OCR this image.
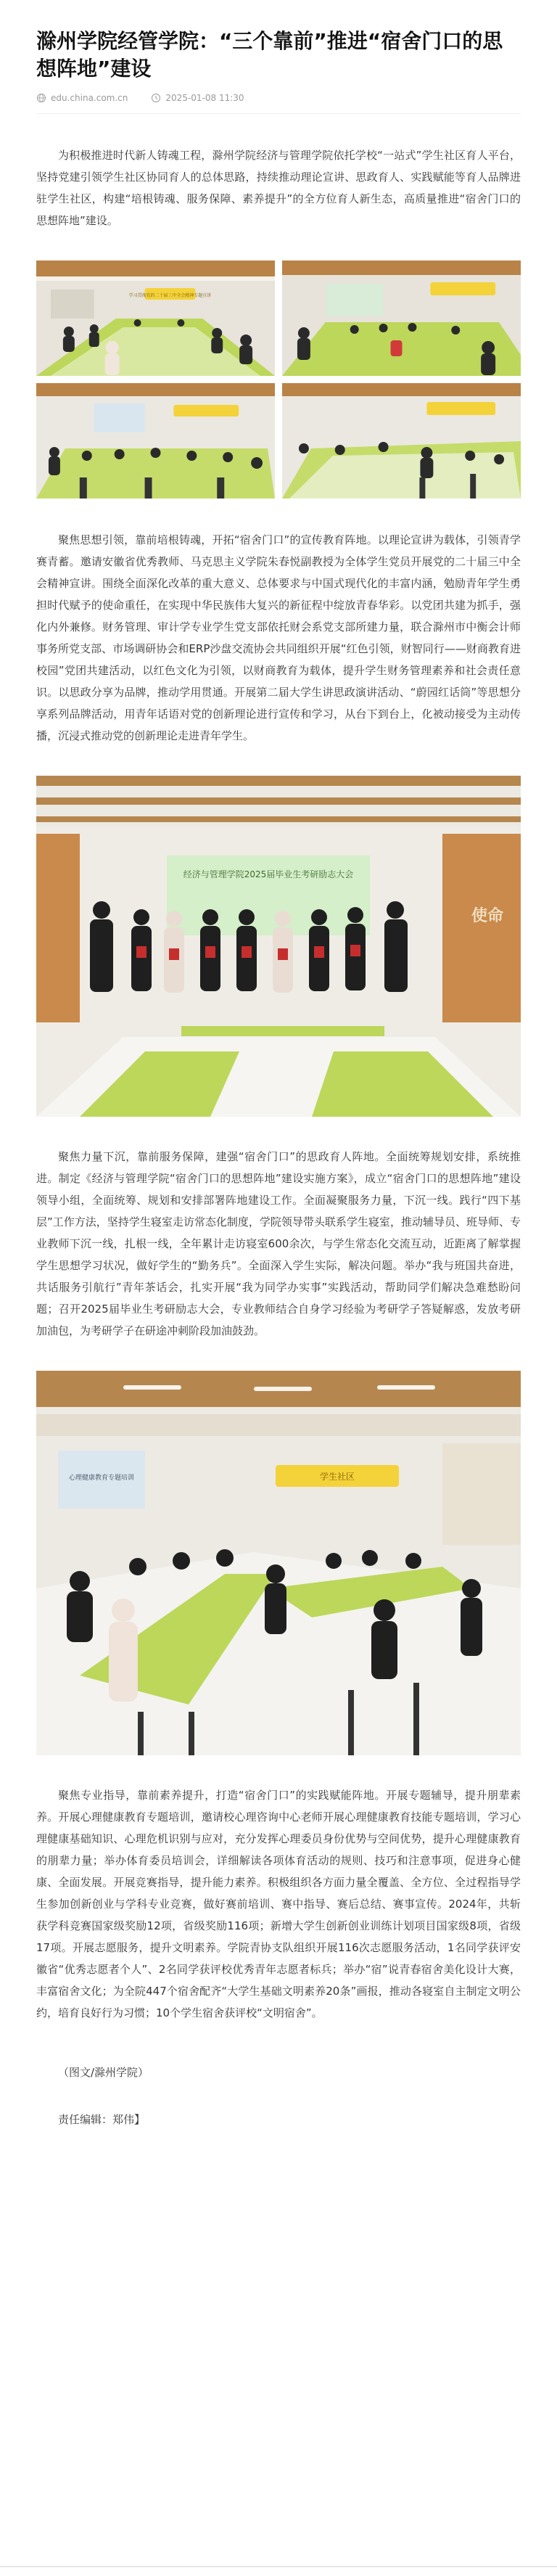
滁州学院经管学院：“三个靠前”推进“宿舍门口的思想阵地”建设
edu.china.com.cn	2025-01-08 11:30

为积极推进时代新人铸魂工程，滁州学院经济与管理学院依托学校“一站式”学生社区育人平台，坚持党建引领学生社区协同育人的总体思路，持续推动理论宣讲、思政育人、实践赋能等育人品牌进驻学生社区，构建“培根铸魂、服务保障、素养提升”的全方位育人新生态，高质量推进“宿舍门口的思想阵地”建设。

学习贯彻党的二十届三中全会精神专题宣讲

聚焦思想引领，靠前培根铸魂，开拓“宿舍门口”的宣传教育阵地。以理论宣讲为载体，引领青学赛青蓄。邀请安徽省优秀教师、马克思主义学院朱春悦副教授为全体学生党员开展党的二十届三中全会精神宣讲。围绕全面深化改革的重大意义、总体要求与中国式现代化的丰富内涵，勉励青年学生勇担时代赋予的使命重任，在实现中华民族伟大复兴的新征程中绽放青春华彩。以党团共建为抓手，强化内外兼修。财务管理、审计学专业学生党支部依托财会系党支部所建力量，联合滁州市中衡会计师事务所党支部、市场调研协会和ERP沙盘交流协会共同组织开展“红色引领，财智同行——财商教育进校园”党团共建活动，以红色文化为引领，以财商教育为载体，提升学生财务管理素养和社会责任意识。以思政分享为品牌，推动学用贯通。开展第二届大学生讲思政演讲活动、“蔚园红话筒”等思想分享系列品牌活动，用青年话语对党的创新理论进行宣传和学习，从台下到台上，化被动接受为主动传播，沉浸式推动党的创新理论走进青年学生。

使命
经济与管理学院2025届毕业生考研励志大会

聚焦力量下沉，靠前服务保障，建强“宿舍门口”的思政育人阵地。全面统筹规划安排，系统推进。制定《经济与管理学院“宿舍门口的思想阵地”建设实施方案》，成立“宿舍门口的思想阵地”建设领导小组，全面统筹、规划和安排部署阵地建设工作。全面凝聚服务力量，下沉一线。践行“四下基层”工作方法，坚持学生寝室走访常态化制度，学院领导带头联系学生寝室，推动辅导员、班导师、专业教师下沉一线，扎根一线，全年累计走访寝室600余次，与学生常态化交流互动，近距离了解掌握学生思想学习状况，做好学生的“勤务兵”。全面深入学生实际，解决问题。举办“我与班国共奋进，共话服务引航行”青年茶话会，扎实开展“我为同学办实事”实践活动，帮助同学们解决急难愁盼问题；召开2025届毕业生考研励志大会，专业教师结合自身学习经验为考研学子答疑解惑，发放考研加油包，为考研学子在研途冲刺阶段加油鼓劲。

心理健康教育专题培训	学生社区

聚焦专业指导，靠前素养提升，打造“宿舍门口”的实践赋能阵地。开展专题辅导，提升朋辈素养。开展心理健康教育专题培训，邀请校心理咨询中心老师开展心理健康教育技能专题培训，学习心理健康基础知识、心理危机识别与应对，充分发挥心理委员身份优势与空间优势，提升心理健康教育的朋辈力量；举办体育委员培训会，详细解读各项体育活动的规则、技巧和注意事项，促进身心健康、全面发展。开展竞赛指导，提升能力素养。积极组织各方面力量全覆盖、全方位、全过程指导学生参加创新创业与学科专业竞赛，做好赛前培训、赛中指导、赛后总结、赛事宣传。2024年，共斩获学科竞赛国家级奖励12项，省级奖励116项；新增大学生创新创业训练计划项目国家级8项，省级17项。开展志愿服务，提升文明素养。学院青协支队组织开展116次志愿服务活动，1名同学获评安徽省“优秀志愿者个人”、2名同学获评校优秀青年志愿者标兵；举办“宿”说青春宿舍美化设计大赛，丰富宿舍文化；为全院447个宿舍配齐“大学生基础文明素养20条”画报，推动各寝室自主制定文明公约，培育良好行为习惯；10个学生宿舍获评校“文明宿舍”。

（图文/滁州学院）
责任编辑：郑伟】
